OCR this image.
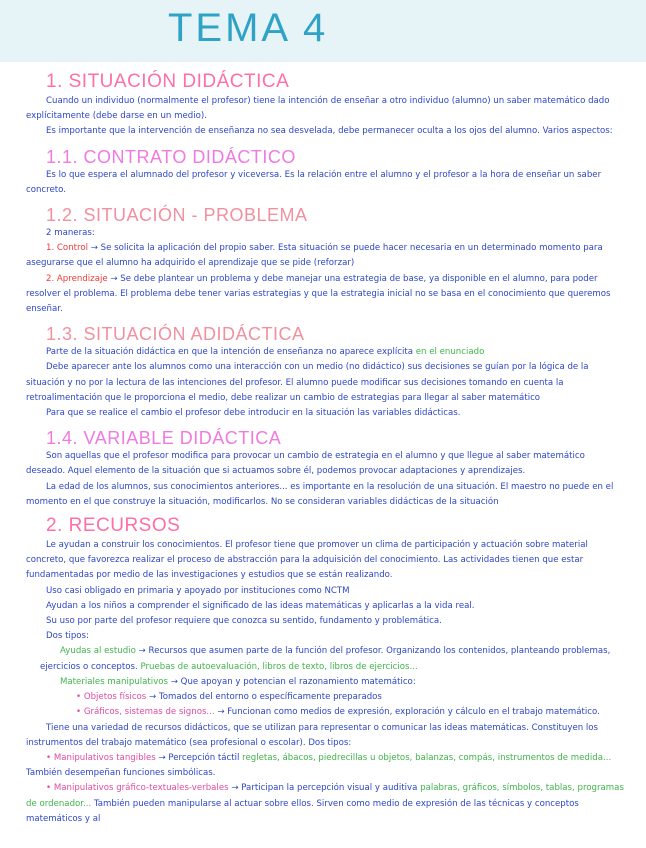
TEMA 4
1. SITUACIÓN DIDÁCTICA

Cuando un individuo (normalmente el profesor) tiene la intención de enseñar a otro individuo (alumno) un saber matemático dado explícitamente (debe darse en un medio).

Es importante que la intervención de enseñanza no sea desvelada, debe permanecer oculta a los ojos del alumno. Varios aspectos:

1.1. CONTRATO DIDÁCTICO

Es lo que espera el alumnado del profesor y viceversa. Es la relación entre el alumno y el profesor a la hora de enseñar un saber concreto.

1.2. SITUACIÓN - PROBLEMA

2 maneras:

1. Control → Se solicita la aplicación del propio saber. Esta situación se puede hacer necesaria en un determinado momento para asegurarse que el alumno ha adquirido el aprendizaje que se pide (reforzar)

2. Aprendizaje → Se debe plantear un problema y debe manejar una estrategia de base, ya disponible en el alumno, para poder resolver el problema. El problema debe tener varias estrategias y que la estrategia inicial no se basa en el conocimiento que queremos enseñar.

1.3. SITUACIÓN ADIDÁCTICA

Parte de la situación didáctica en que la intención de enseñanza no aparece explícita en el enunciado

Debe aparecer ante los alumnos como una interacción con un medio (no didáctico) sus decisiones se guían por la lógica de la situación y no por la lectura de las intenciones del profesor. El alumno puede modificar sus decisiones tomando en cuenta la retroalimentación que le proporciona el medio, debe realizar un cambio de estrategias para llegar al saber matemático

Para que se realice el cambio el profesor debe introducir en la situación las variables didácticas.

1.4. VARIABLE DIDÁCTICA

Son aquellas que el profesor modifica para provocar un cambio de estrategia en el alumno y que llegue al saber matemático deseado. Aquel elemento de la situación que si actuamos sobre él, podemos provocar adaptaciones y aprendizajes.

La edad de los alumnos, sus conocimientos anteriores... es importante en la resolución de una situación. El maestro no puede en el momento en el que construye la situación, modificarlos. No se consideran variables didácticas de la situación

2. RECURSOS

Le ayudan a construir los conocimientos. El profesor tiene que promover un clima de participación y actuación sobre material concreto, que favorezca realizar el proceso de abstracción para la adquisición del conocimiento. Las actividades tienen que estar fundamentadas por medio de las investigaciones y estudios que se están realizando.

Uso casi obligado en primaria y apoyado por instituciones como NCTM

Ayudan a los niños a comprender el significado de las ideas matemáticas y aplicarlas a la vida real.

Su uso por parte del profesor requiere que conozca su sentido, fundamento y problemática.

Dos tipos:

Ayudas al estudio → Recursos que asumen parte de la función del profesor. Organizando los contenidos, planteando problemas, ejercicios o conceptos. Pruebas de autoevaluación, libros de texto, libros de ejercicios...

Materiales manipulativos → Que apoyan y potencian el razonamiento matemático:

• Objetos físicos → Tomados del entorno o específicamente preparados

• Gráficos, sistemas de signos... → Funcionan como medios de expresión, exploración y cálculo en el trabajo matemático.

Tiene una variedad de recursos didácticos, que se utilizan para representar o comunicar las ideas matemáticas. Constituyen los instrumentos del trabajo matemático (sea profesional o escolar). Dos tipos:

• Manipulativos tangibles → Percepción táctil regletas, ábacos, piedrecillas u objetos, balanzas, compás, instrumentos de medida... También desempeñan funciones simbólicas.

• Manipulativos gráfico-textuales-verbales → Participan la percepción visual y auditiva palabras, gráficos, símbolos, tablas, programas de ordenador... También pueden manipularse al actuar sobre ellos. Sirven como medio de expresión de las técnicas y conceptos matemáticos y al
